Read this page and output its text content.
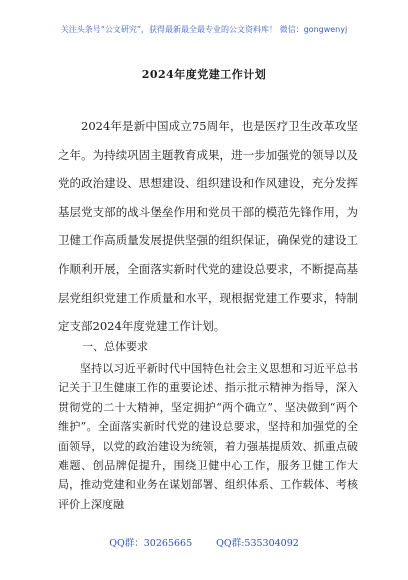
关注头条号“公文研究”，获得最新最全最专业的公文资料库！ 微信：gongwenyj
2024年度党建工作计划

2024年是新中国成立75周年，也是医疗卫生改革攻坚之年。为持续巩固主题教育成果，进一步加强党的领导以及党的政治建设、思想建设、组织建设和作风建设，充分发挥基层党支部的战斗堡垒作用和党员干部的模范先锋作用，为卫健工作高质量发展提供坚强的组织保证，确保党的建设工作顺利开展，全面落实新时代党的建设总要求，不断提高基层党组织党建工作质量和水平，现根据党建工作要求，特制定支部2024年度党建工作计划。

一、总体要求

坚持以习近平新时代中国特色社会主义思想和习近平总书记关于卫生健康工作的重要论述、指示批示精神为指导，深入贯彻党的二十大精神，坚定拥护“两个确立”、坚决做到“两个维护”。全面落实新时代党的建设总要求，坚持和加强党的全面领导，以党的政治建设为统领，着力强基提质效、抓重点破难题、创品牌促提升，围绕卫健中心工作，服务卫健工作大局，推动党建和业务在谋划部署、组织体系、工作载体、考核评价上深度融

QQ群：30265665	QQ群:535304092
